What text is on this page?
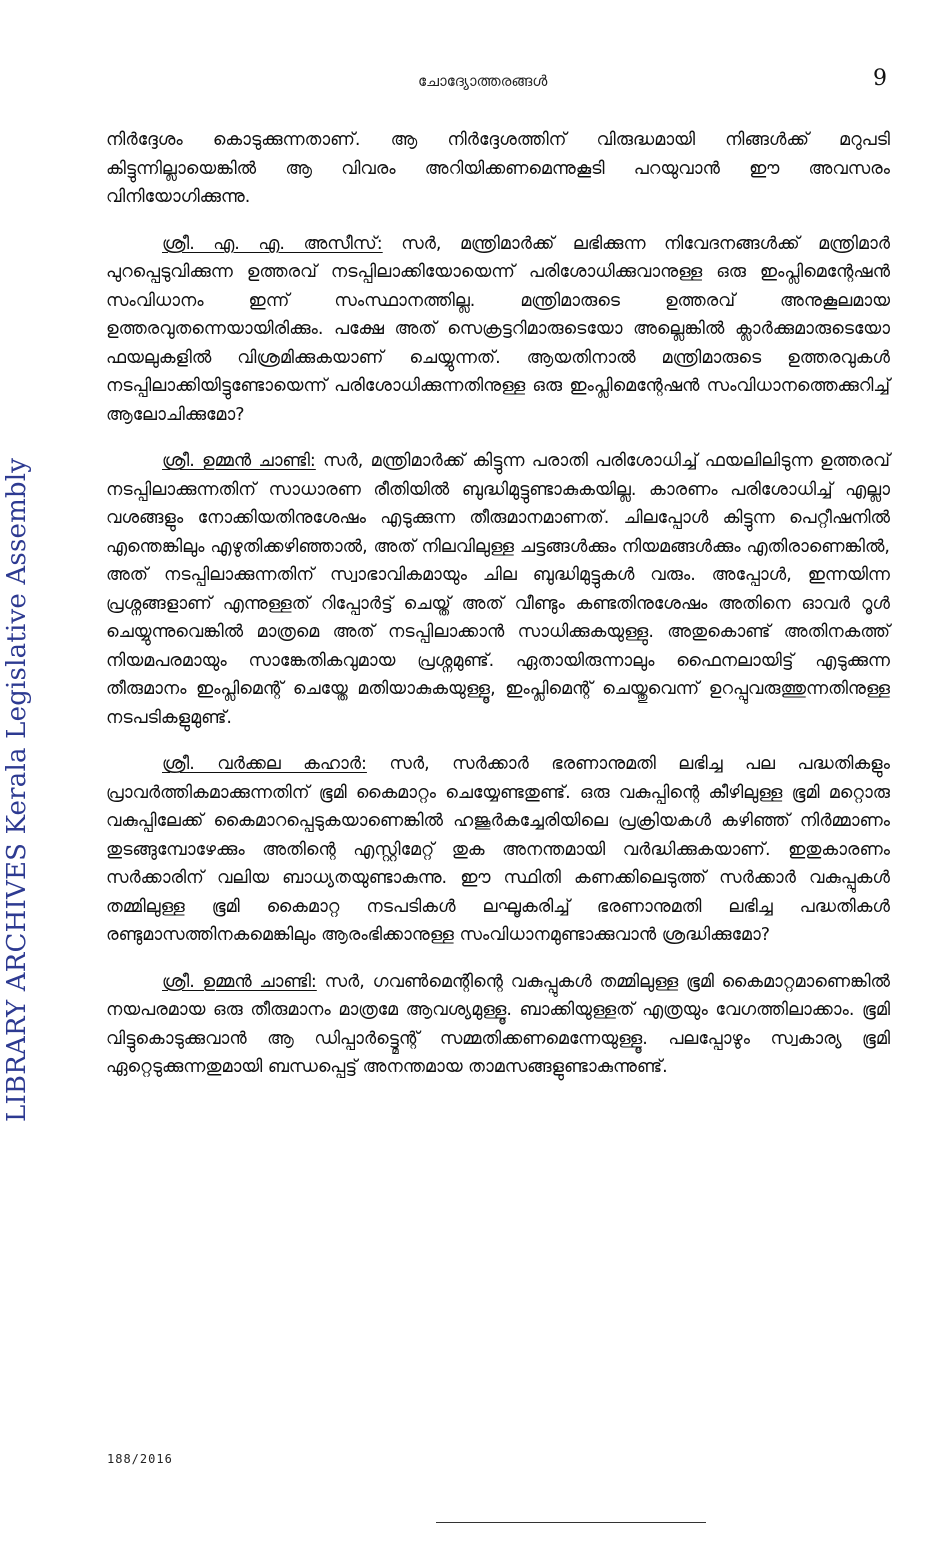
LIBRARY ARCHIVES Kerala Legislative Assembly
ചോദ്യോത്തരങ്ങൾ	9

നിർദ്ദേശം കൊടുക്കുന്നതാണ്. ആ നിർദ്ദേശത്തിന് വിരുദ്ധമായി നിങ്ങൾക്ക് മറുപടി കിട്ടുന്നില്ലായെങ്കിൽ ആ വിവരം അറിയിക്കണമെന്നുകൂടി പറയുവാൻ ഈ അവസരം വിനിയോഗിക്കുന്നു.

ശ്രീ. എ. എ. അസീസ്: സർ, മന്ത്രിമാർക്ക് ലഭിക്കുന്ന നിവേദനങ്ങൾക്ക് മന്ത്രിമാർ പുറപ്പെടുവിക്കുന്ന ഉത്തരവ് നടപ്പിലാക്കിയോയെന്ന് പരിശോധിക്കുവാനുള്ള ഒരു ഇംപ്ലിമെന്റേഷൻ സംവിധാനം ഇന്ന് സംസ്ഥാനത്തില്ല. മന്ത്രിമാരുടെ ഉത്തരവ് അനുകൂലമായ ഉത്തരവുതന്നെയായിരിക്കും. പക്ഷേ അത് സെക്രട്ടറിമാരുടെയോ അല്ലെങ്കിൽ ക്ലാർക്കുമാരുടെയോ ഫയലുകളിൽ വിശ്രമിക്കുകയാണ് ചെയ്യുന്നത്. ആയതിനാൽ മന്ത്രിമാരുടെ ഉത്തരവുകൾ നടപ്പിലാക്കിയിട്ടുണ്ടോയെന്ന് പരിശോധിക്കുന്നതിനുള്ള ഒരു ഇംപ്ലിമെന്റേഷൻ സംവിധാനത്തെക്കുറിച്ച് ആലോചിക്കുമോ?

ശ്രീ. ഉമ്മൻ ചാണ്ടി: സർ, മന്ത്രിമാർക്ക് കിട്ടുന്ന പരാതി പരിശോധിച്ച് ഫയലിലിടുന്ന ഉത്തരവ് നടപ്പിലാക്കുന്നതിന് സാധാരണ രീതിയിൽ ബുദ്ധിമുട്ടുണ്ടാകുകയില്ല. കാരണം പരിശോധിച്ച് എല്ലാ വശങ്ങളും നോക്കിയതിനുശേഷം എടുക്കുന്ന തീരുമാനമാണത്. ചിലപ്പോൾ കിട്ടുന്ന പെറ്റീഷനിൽ എന്തെങ്കിലും എഴുതിക്കഴിഞ്ഞാൽ, അത് നിലവിലുള്ള ചട്ടങ്ങൾക്കും നിയമങ്ങൾക്കും എതിരാണെങ്കിൽ, അത് നടപ്പിലാക്കുന്നതിന് സ്വാഭാവികമായും ചില ബുദ്ധിമുട്ടുകൾ വരും. അപ്പോൾ, ഇന്നയിന്ന പ്രശ്നങ്ങളാണ് എന്നുള്ളത് റിപ്പോർട്ട് ചെയ്ത് അത് വീണ്ടും കണ്ടതിനുശേഷം അതിനെ ഓവർ റൂൾ ചെയ്യുന്നുവെങ്കിൽ മാത്രമെ അത് നടപ്പിലാക്കാൻ സാധിക്കുകയുള്ളു. അതുകൊണ്ട് അതിനകത്ത് നിയമപരമായും സാങ്കേതികവുമായ പ്രശ്നമുണ്ട്. ഏതായിരുന്നാലും ഫൈനലായിട്ട് എടുക്കുന്ന തീരുമാനം ഇംപ്ലിമെന്റ് ചെയ്തേ മതിയാകുകയുള്ളൂ, ഇംപ്ലിമെന്റ് ചെയ്തുവെന്ന് ഉറപ്പുവരുത്തുന്നതിനുള്ള നടപടികളുമുണ്ട്.

ശ്രീ. വർക്കല കഹാർ: സർ, സർക്കാർ ഭരണാനുമതി ലഭിച്ച പല പദ്ധതികളും പ്രാവർത്തികമാക്കുന്നതിന് ഭൂമി കൈമാറ്റം ചെയ്യേണ്ടതുണ്ട്. ഒരു വകുപ്പിന്റെ കീഴിലുള്ള ഭൂമി മറ്റൊരു വകുപ്പിലേക്ക് കൈമാറപ്പെടുകയാണെങ്കിൽ ഹജൂർകച്ചേരിയിലെ പ്രക്രിയകൾ കഴിഞ്ഞ് നിർമ്മാണം തുടങ്ങുമ്പോഴേക്കും അതിന്റെ എസ്റ്റിമേറ്റ് തുക അനന്തമായി വർദ്ധിക്കുകയാണ്. ഇതുകാരണം സർക്കാരിന് വലിയ ബാധ്യതയുണ്ടാകുന്നു. ഈ സ്ഥിതി കണക്കിലെടുത്ത് സർക്കാർ വകുപ്പുകൾ തമ്മിലുള്ള ഭൂമി കൈമാറ്റ നടപടികൾ ലഘൂകരിച്ച് ഭരണാനുമതി ലഭിച്ച പദ്ധതികൾ രണ്ടുമാസത്തിനകമെങ്കിലും ആരംഭിക്കാനുള്ള സംവിധാനമുണ്ടാക്കുവാൻ ശ്രദ്ധിക്കുമോ?

ശ്രീ. ഉമ്മൻ ചാണ്ടി: സർ, ഗവൺമെന്റിന്റെ വകുപ്പുകൾ തമ്മിലുള്ള ഭൂമി കൈമാറ്റമാണെങ്കിൽ നയപരമായ ഒരു തീരുമാനം മാത്രമേ ആവശ്യമുള്ളൂ. ബാക്കിയുള്ളത് എത്രയും വേഗത്തിലാക്കാം. ഭൂമി വിട്ടുകൊടുക്കുവാൻ ആ ഡിപ്പാർട്ട്മെന്റ് സമ്മതിക്കണമെന്നേയുള്ളൂ. പലപ്പോഴും സ്വകാര്യ ഭൂമി ഏറ്റെടുക്കുന്നതുമായി ബന്ധപ്പെട്ട് അനന്തമായ താമസങ്ങളുണ്ടാകുന്നുണ്ട്.

188/2016
